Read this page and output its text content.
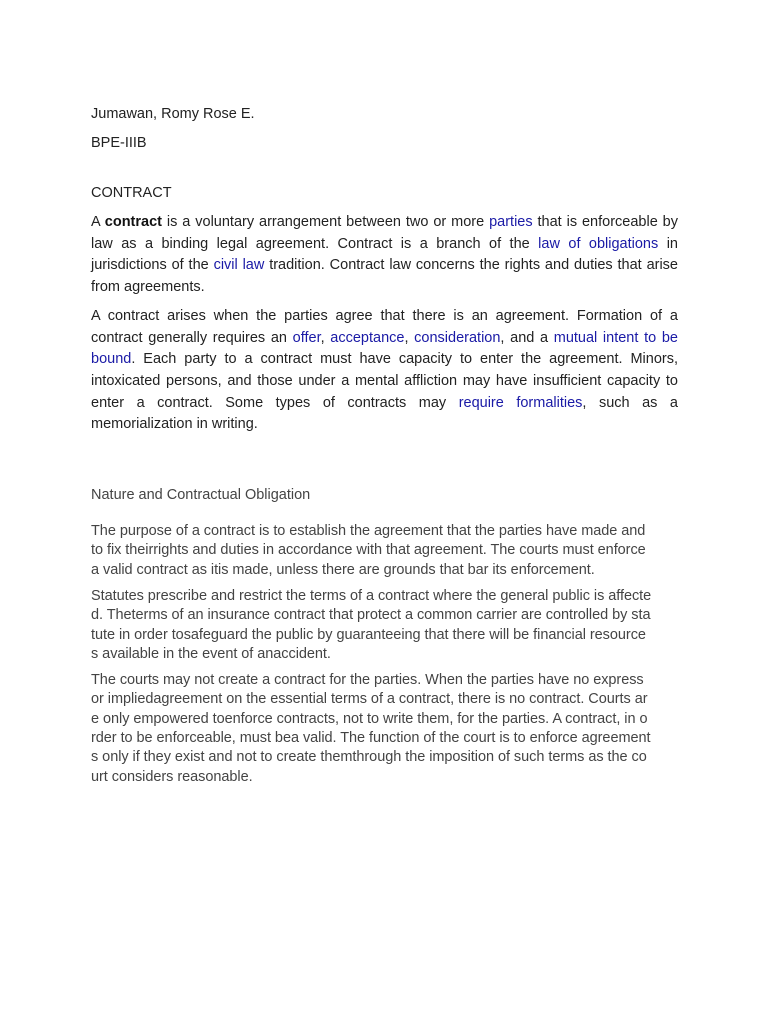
Jumawan, Romy Rose E.

BPE-IIIB

CONTRACT

A contract is a voluntary arrangement between two or more parties that is enforceable by law as a binding legal agreement. Contract is a branch of the law of obligations in jurisdictions of the civil law tradition. Contract law concerns the rights and duties that arise from agreements.

A contract arises when the parties agree that there is an agreement. Formation of a contract generally requires an offer, acceptance, consideration, and a mutual intent to be bound. Each party to a contract must have capacity to enter the agreement. Minors, intoxicated persons, and those under a mental affliction may have insufficient capacity to enter a contract. Some types of contracts may require formalities, such as a memorialization in writing.

Nature and Contractual Obligation

The purpose of a contract is to establish the agreement that the parties have made and
to fix theirrights and duties in accordance with that agreement. The courts must enforce
a valid contract as itis made, unless there are grounds that bar its enforcement.

Statutes prescribe and restrict the terms of a contract where the general public is affecte
d. Theterms of an insurance contract that protect a common carrier are controlled by sta
tute in order tosafeguard the public by guaranteeing that there will be financial resource
s available in the event of anaccident.

The courts may not create a contract for the parties. When the parties have no express
or impliedagreement on the essential terms of a contract, there is no contract. Courts ar
e only empowered toenforce contracts, not to write them, for the parties. A contract, in o
rder to be enforceable, must bea valid. The function of the court is to enforce agreement
s only if they exist and not to create themthrough the imposition of such terms as the co
urt considers reasonable.
